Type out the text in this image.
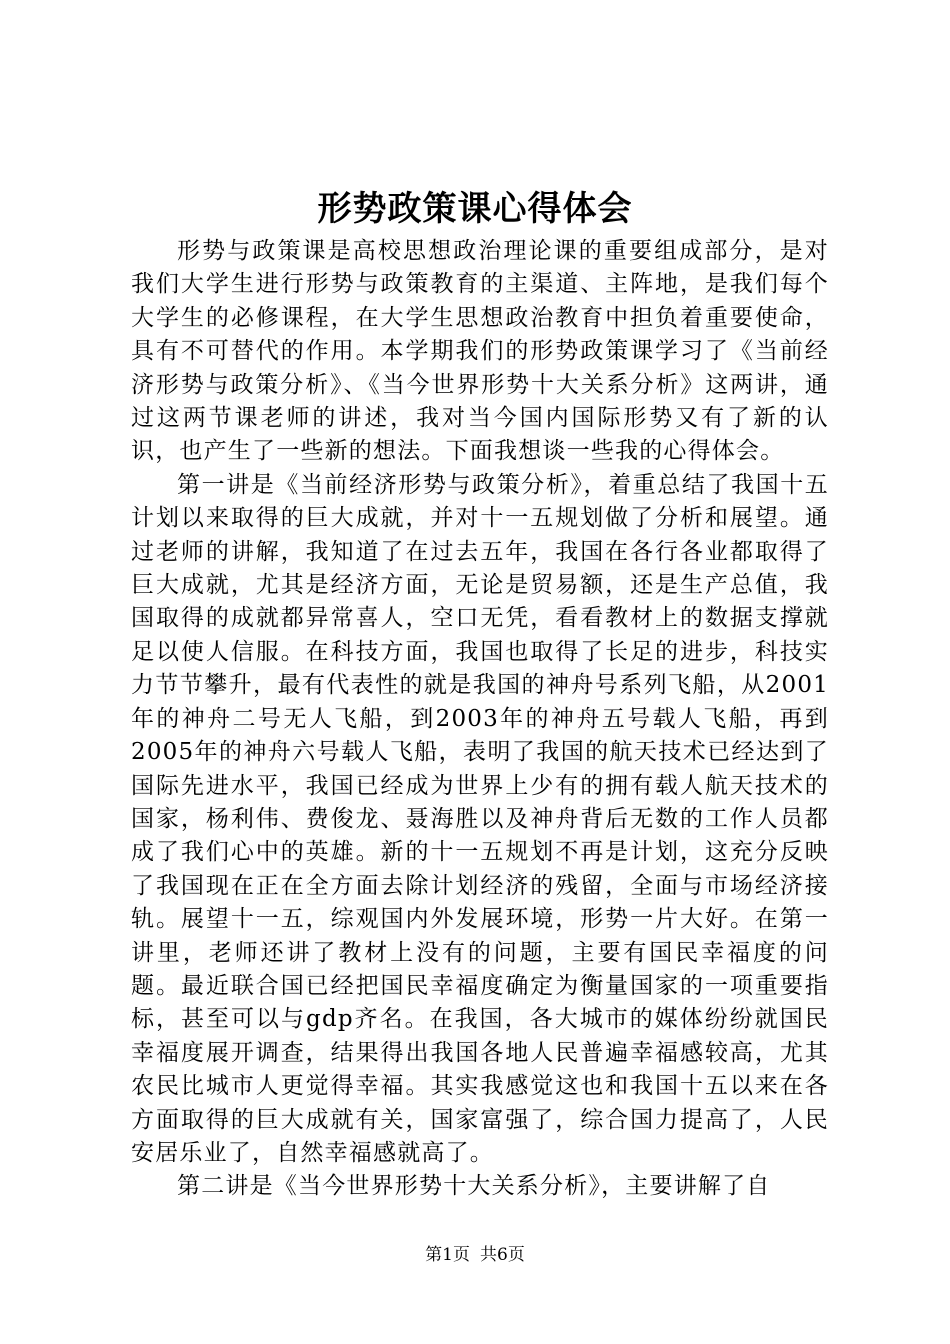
形势政策课心得体会

形势与政策课是高校思想政治理论课的重要组成部分，是对我们大学生进行形势与政策教育的主渠道、主阵地，是我们每个大学生的必修课程，在大学生思想政治教育中担负着重要使命，具有不可替代的作用。本学期我们的形势政策课学习了《当前经济形势与政策分析》、《当今世界形势十大关系分析》这两讲，通过这两节课老师的讲述，我对当今国内国际形势又有了新的认识，也产生了一些新的想法。下面我想谈一些我的心得体会。

第一讲是《当前经济形势与政策分析》，着重总结了我国十五计划以来取得的巨大成就，并对十一五规划做了分析和展望。通过老师的讲解，我知道了在过去五年，我国在各行各业都取得了巨大成就，尤其是经济方面，无论是贸易额，还是生产总值，我国取得的成就都异常喜人，空口无凭，看看教材上的数据支撑就足以使人信服。在科技方面，我国也取得了长足的进步，科技实力节节攀升，最有代表性的就是我国的神舟号系列飞船，从2001年的神舟二号无人飞船，到2003年的神舟五号载人飞船，再到2005年的神舟六号载人飞船，表明了我国的航天技术已经达到了国际先进水平，我国已经成为世界上少有的拥有载人航天技术的国家，杨利伟、费俊龙、聂海胜以及神舟背后无数的工作人员都成了我们心中的英雄。新的十一五规划不再是计划，这充分反映了我国现在正在全方面去除计划经济的残留，全面与市场经济接轨。展望十一五，综观国内外发展环境，形势一片大好。在第一讲里，老师还讲了教材上没有的问题，主要有国民幸福度的问题。最近联合国已经把国民幸福度确定为衡量国家的一项重要指标，甚至可以与gdp齐名。在我国，各大城市的媒体纷纷就国民幸福度展开调查，结果得出我国各地人民普遍幸福感较高，尤其农民比城市人更觉得幸福。其实我感觉这也和我国十五以来在各方面取得的巨大成就有关，国家富强了，综合国力提高了，人民安居乐业了，自然幸福感就高了。

第二讲是《当今世界形势十大关系分析》，主要讲解了自

第1页 共6页
